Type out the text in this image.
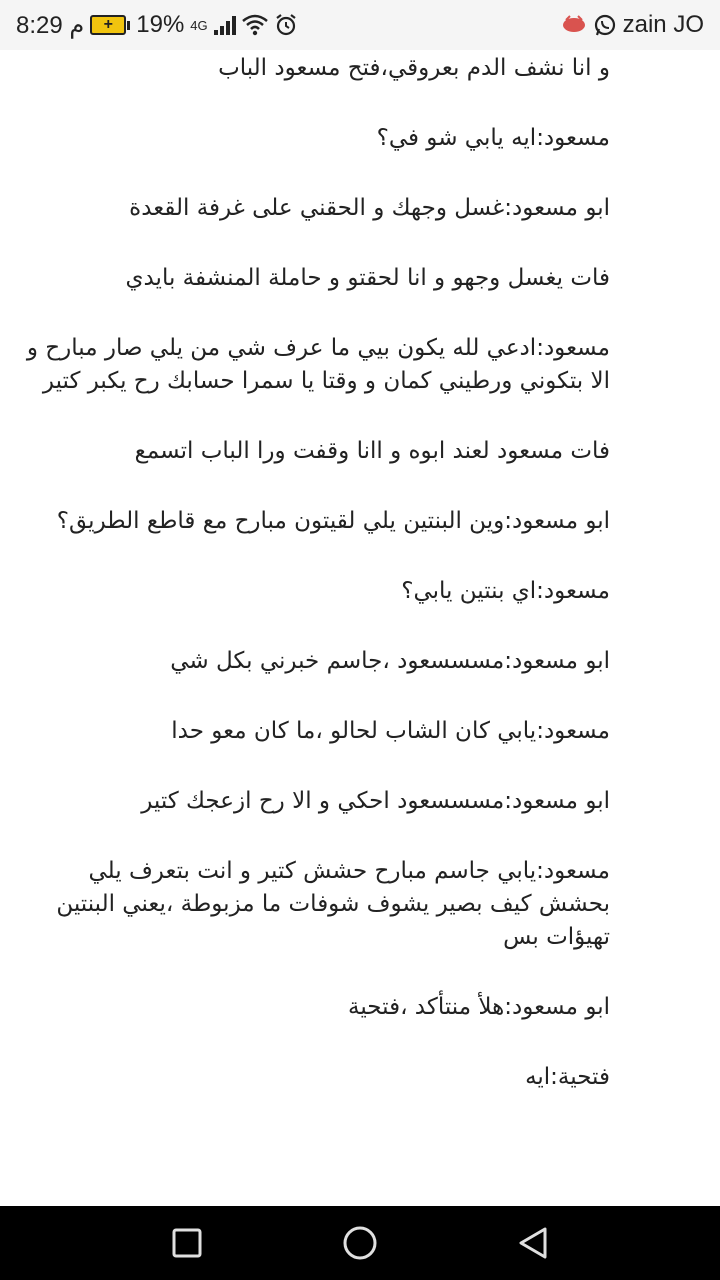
8:29 م	+ 19% 4G	zain JO

و انا نشف الدم بعروقي،فتح مسعود الباب

مسعود:ايه يابي شو في؟

ابو مسعود:غسل وجهك و الحقني على غرفة القعدة

فات يغسل وجهو و انا لحقتو و حاملة المنشفة بايدي

مسعود:ادعي لله يكون بيي ما عرف شي من يلي صار مبارح و الا بتكوني ورطيني كمان و وقتا يا سمرا حسابك رح يكبر كتير

فات مسعود لعند ابوه و اانا وقفت ورا الباب اتسمع

ابو مسعود:وين البنتين يلي لقيتون مبارح مع قاطع الطريق؟

مسعود:اي بنتين يابي؟

ابو مسعود:مسسسعود ،جاسم خبرني بكل شي

مسعود:يابي كان الشاب لحالو ،ما كان معو حدا

ابو مسعود:مسسسعود احكي و الا رح ازعجك كتير

مسعود:يابي جاسم مبارح حشش كتير و انت بتعرف يلي بحشش كيف بصير يشوف شوفات ما مزبوطة ،يعني البنتين تهيؤات بس

ابو مسعود:هلأ منتأكد ،فتحية

فتحية:ايه
